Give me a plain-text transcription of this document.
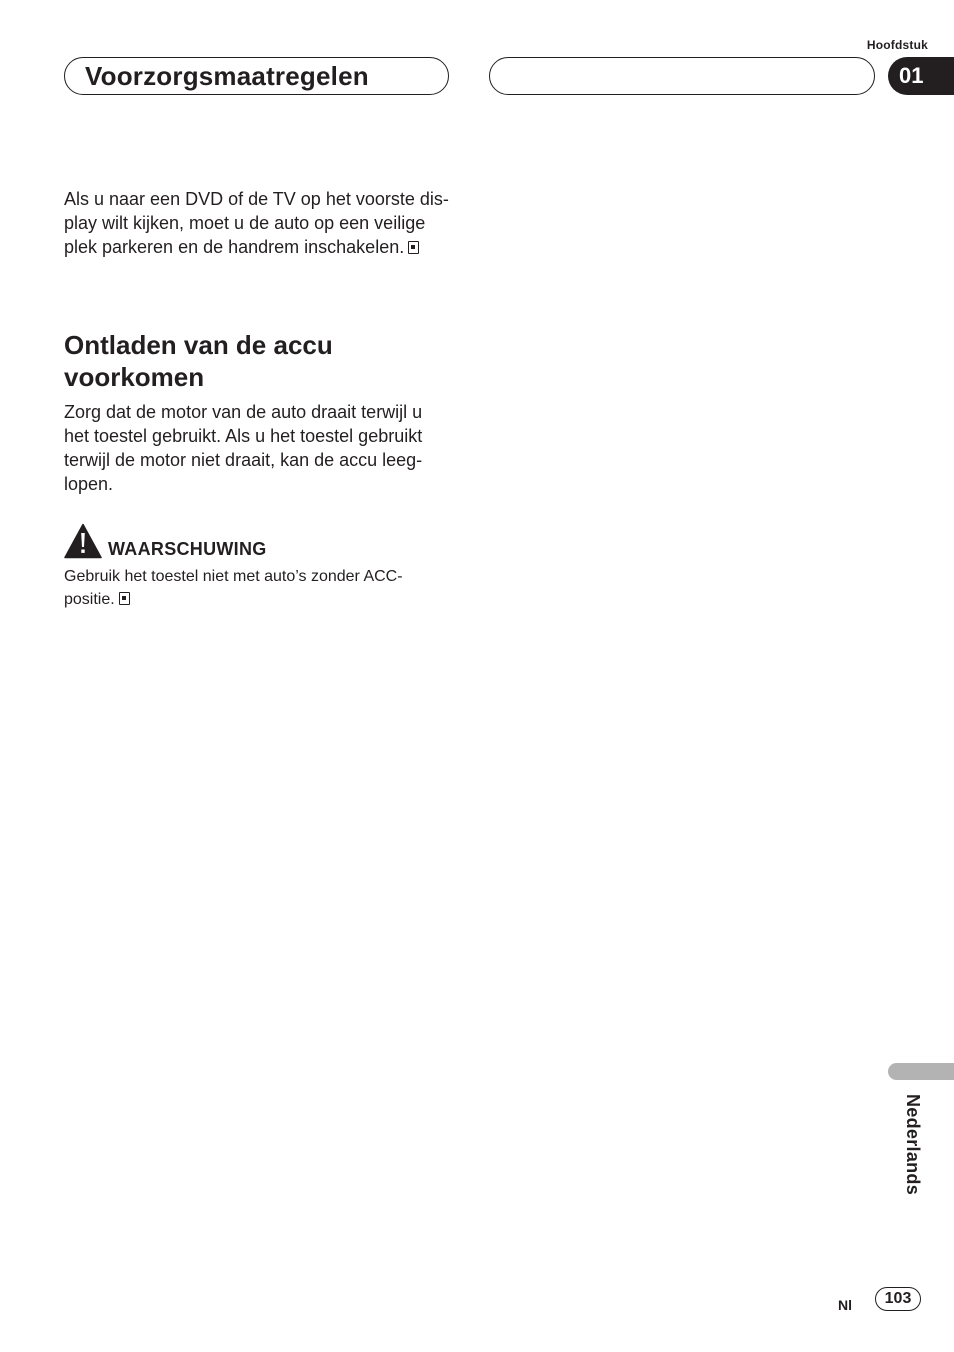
Hoofdstuk
Voorzorgsmaatregelen	01
Als u naar een DVD of de TV op het voorste dis-
play wilt kijken, moet u de auto op een veilige
plek parkeren en de handrem inschakelen.
Ontladen van de accu
voorkomen
Zorg dat de motor van de auto draait terwijl u
het toestel gebruikt. Als u het toestel gebruikt
terwijl de motor niet draait, kan de accu leeg-
lopen.
WAARSCHUWING
Gebruik het toestel niet met auto’s zonder ACC-
positie.
Nederlands
Nl	103
